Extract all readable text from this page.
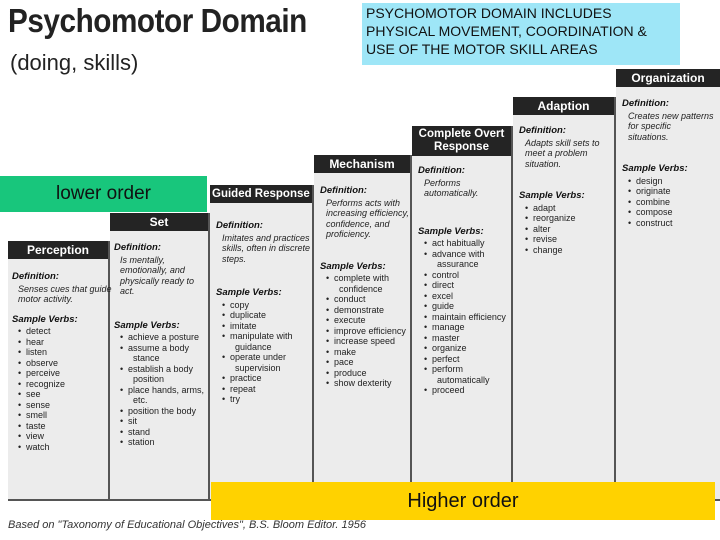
Psychomotor Domain
(doing, skills)
PSYCHOMOTOR DOMAIN INCLUDES PHYSICAL MOVEMENT, COORDINATION & USE OF THE MOTOR SKILL AREAS
Perception
Set
Guided Response
Mechanism
Complete Overt Response
Adaption
Organization
Definition:
Senses cues that guide motor activity.
Sample Verbs:
• detect
• hear
• listen
• observe
• perceive
• recognize
• see
• sense
• smell
• taste
• view
• watch
Definition:
Is mentally, emotionally, and physically ready to act.
Sample Verbs:
• achieve a posture
• assume a body
stance
• establish a body
position
• place hands, arms,
etc.
• position the body
• sit
• stand
• station
Definition:
Imitates and practices skills, often in discrete steps.
Sample Verbs:
• copy
• duplicate
• imitate
• manipulate with
guidance
• operate under
supervision
• practice
• repeat
• try
Definition:
Performs acts with increasing efficiency, confidence, and proficiency.
Sample Verbs:
• complete with
confidence
• conduct
• demonstrate
• execute
• improve efficiency
• increase speed
• make
• pace
• produce
• show dexterity
Definition:
Performs automatically.
Sample Verbs:
• act habitually
• advance with
assurance
• control
• direct
• excel
• guide
• maintain efficiency
• manage
• master
• organize
• perfect
• perform
automatically
• proceed
Definition:
Adapts skill sets to meet a problem situation.
Sample Verbs:
• adapt
• reorganize
• alter
• revise
• change
Definition:
Creates new patterns for specific situations.
Sample Verbs:
• design
• originate
• combine
• compose
• construct
lower order
Higher order
Based on "Taxonomy of Educational Objectives", B.S. Bloom Editor. 1956
